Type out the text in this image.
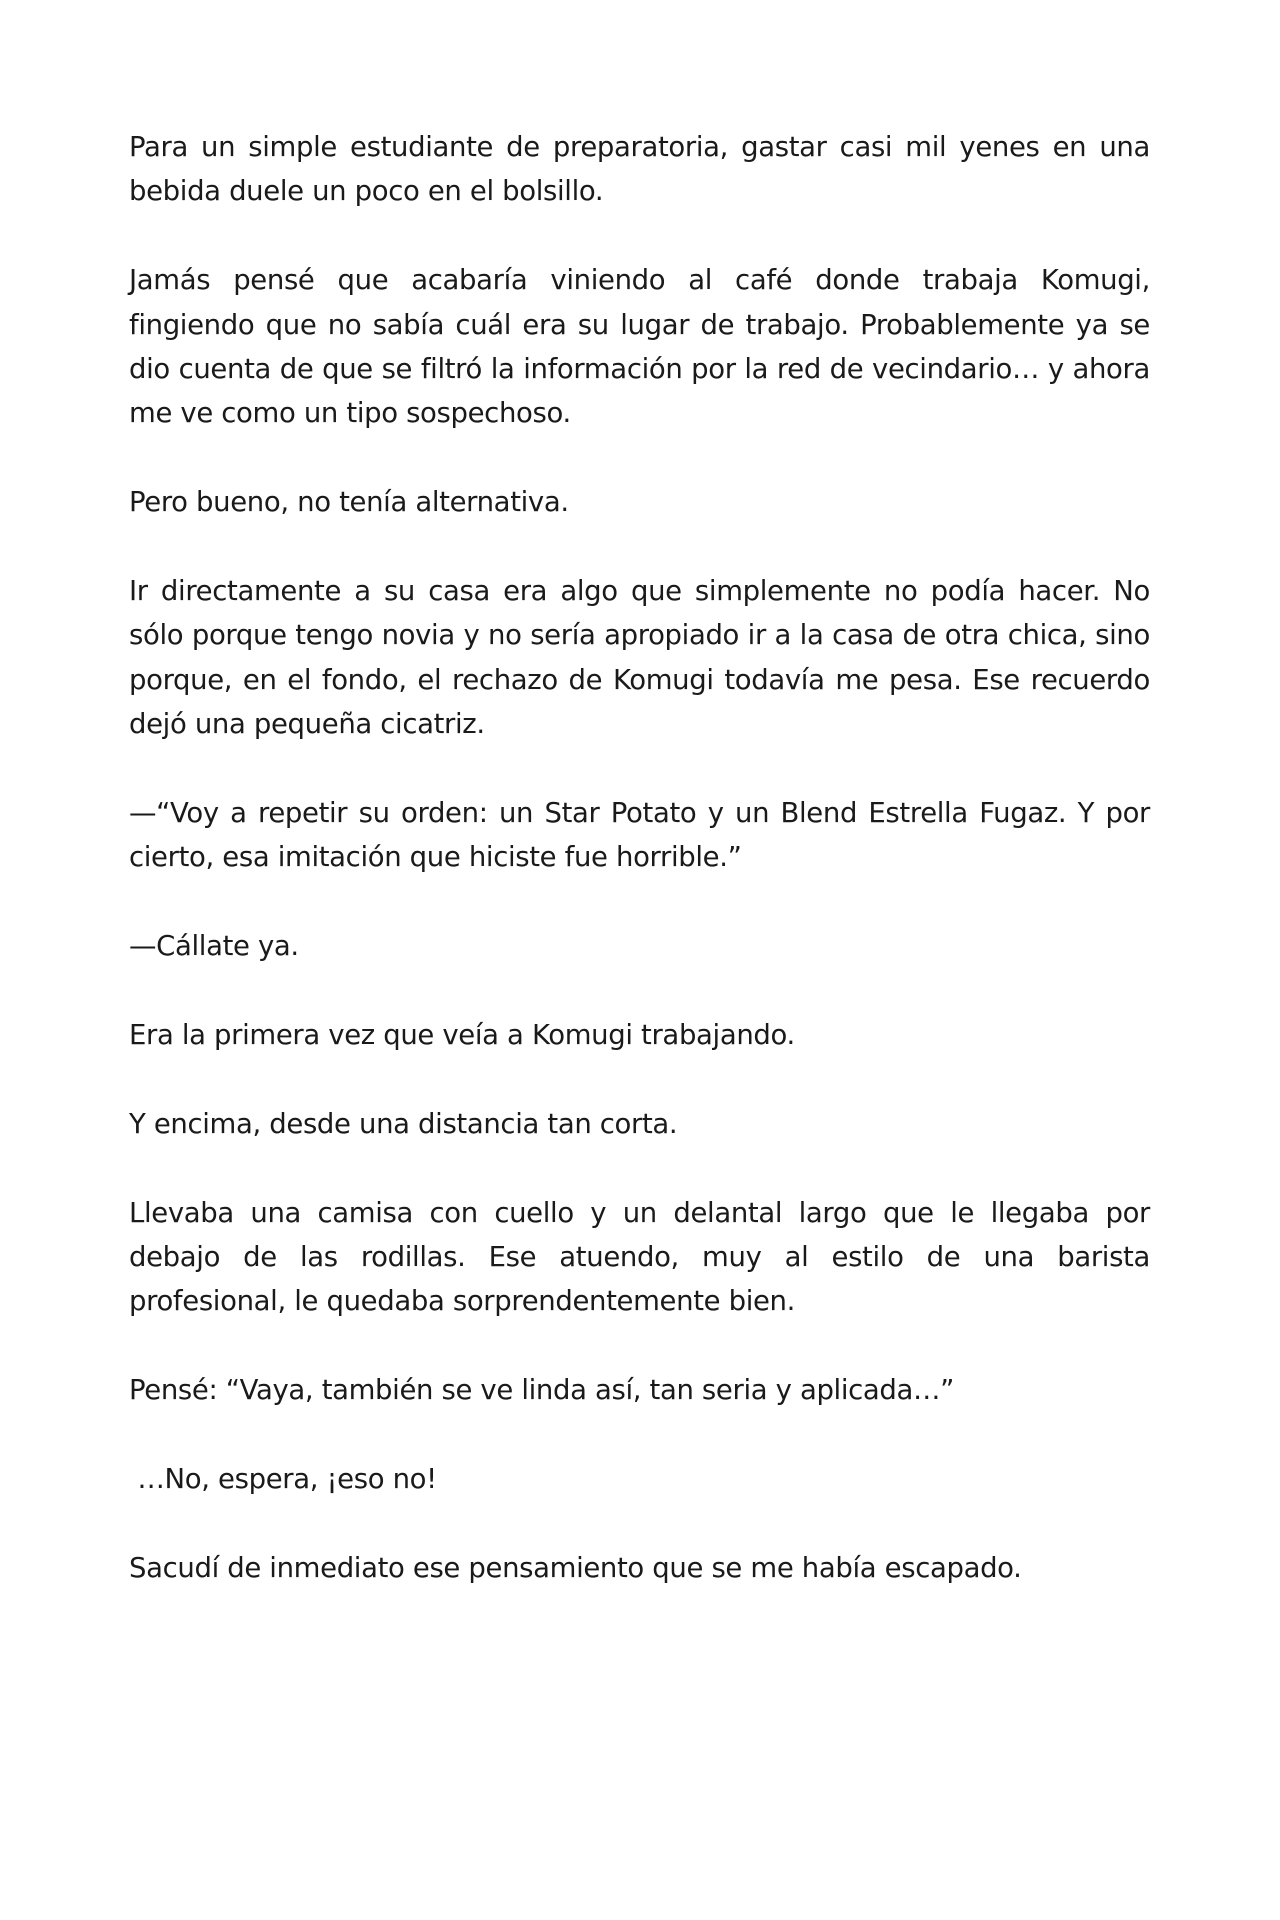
Para un simple estudiante de preparatoria, gastar casi mil yenes en una bebida duele un poco en el bolsillo.

Jamás pensé que acabaría viniendo al café donde trabaja Komugi, fingiendo que no sabía cuál era su lugar de trabajo. Probablemente ya se dio cuenta de que se filtró la información por la red de vecindario… y ahora me ve como un tipo sospechoso.

Pero bueno, no tenía alternativa.

Ir directamente a su casa era algo que simplemente no podía hacer. No sólo porque tengo novia y no sería apropiado ir a la casa de otra chica, sino porque, en el fondo, el rechazo de Komugi todavía me pesa. Ese recuerdo dejó una pequeña cicatriz.

—“Voy a repetir su orden: un Star Potato y un Blend Estrella Fugaz. Y por cierto, esa imitación que hiciste fue horrible.”

—Cállate ya.

Era la primera vez que veía a Komugi trabajando.

Y encima, desde una distancia tan corta.

Llevaba una camisa con cuello y un delantal largo que le llegaba por debajo de las rodillas. Ese atuendo, muy al estilo de una barista profesional, le quedaba sorprendentemente bien.

Pensé: “Vaya, también se ve linda así, tan seria y aplicada…”

…No, espera, ¡eso no!

Sacudí de inmediato ese pensamiento que se me había escapado.
